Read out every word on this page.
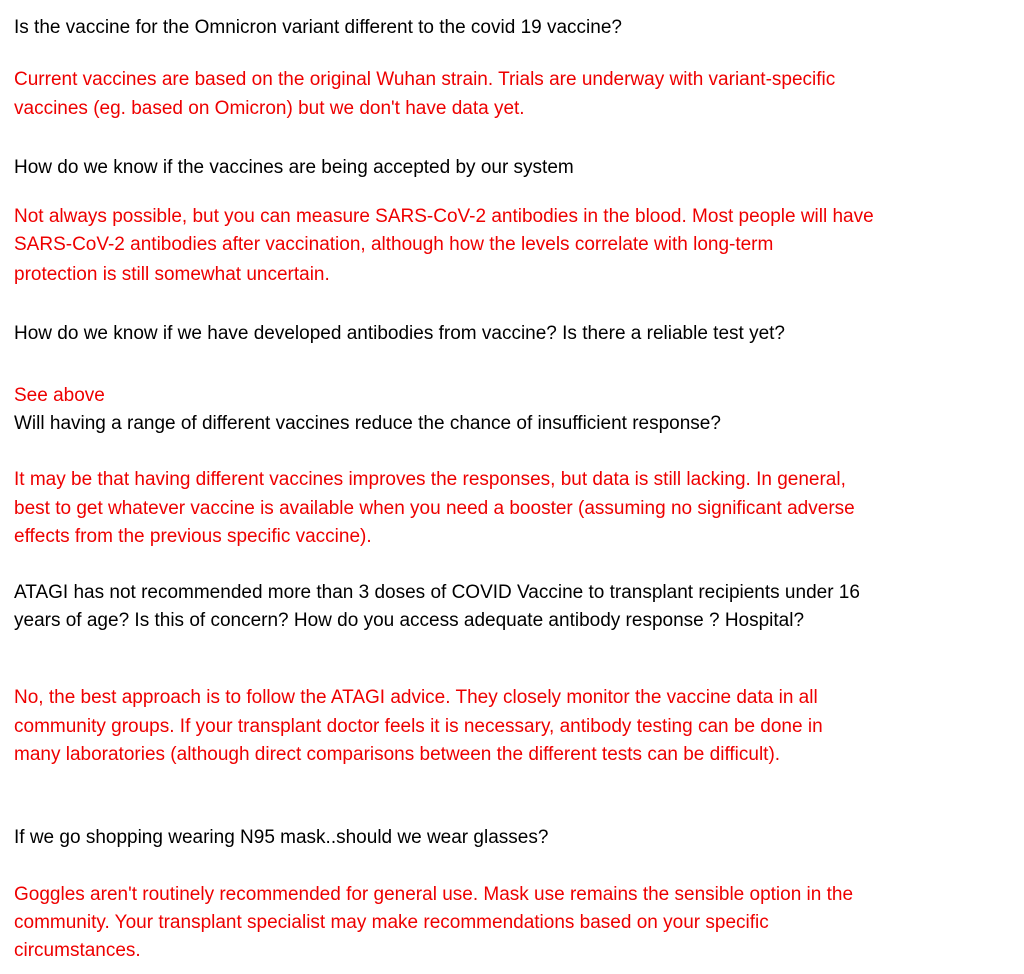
Is the vaccine for the Omnicron variant different to the covid 19 vaccine?

Current vaccines are based on the original Wuhan strain. Trials are underway with variant-specific

vaccines (eg. based on Omicron) but we don't have data yet.

How do we know if the vaccines are being accepted by our system

Not always possible, but you can measure SARS-CoV-2 antibodies in the blood. Most people will have

SARS-CoV-2 antibodies after vaccination, although how the levels correlate with long-term

protection is still somewhat uncertain.

How do we know if we have developed antibodies from vaccine? Is there a reliable test yet?

See above

Will having a range of different vaccines reduce the chance of insufficient response?

It may be that having different vaccines improves the responses, but data is still lacking. In general,

best to get whatever vaccine is available when you need a booster (assuming no significant adverse

effects from the previous specific vaccine).

ATAGI has not recommended more than 3 doses of COVID Vaccine to transplant recipients under 16

years of age? Is this of concern? How do you access adequate antibody response ? Hospital?

No, the best approach is to follow the ATAGI advice. They closely monitor the vaccine data in all

community groups. If your transplant doctor feels it is necessary, antibody testing can be done in

many laboratories (although direct comparisons between the different tests can be difficult).

If we go shopping wearing N95 mask..should we wear glasses?

Goggles aren't routinely recommended for general use. Mask use remains the sensible option in the

community. Your transplant specialist may make recommendations based on your specific

circumstances.
